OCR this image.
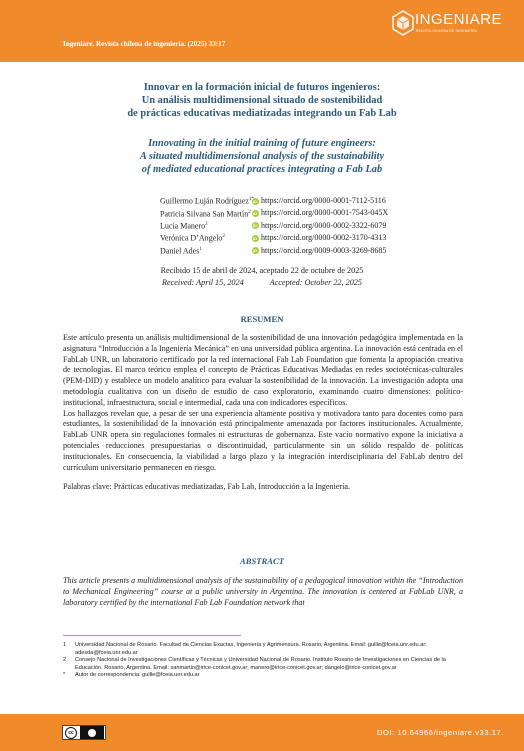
Ingeniare. Revista chilena de ingeniería. (2025) 33:17
INGENIARE
REVISTA CHILENA DE INGENIERÍA
Innovar en la formación inicial de futuros ingenieros:
Un análisis multidimensional situado de sostenibilidad
de prácticas educativas mediatizadas integrando un Fab Lab
Innovating in the initial training of future engineers:
A situated multidimensional analysis of the sustainability
of mediated educational practices integrating a Fab Lab
Guillermo Luján Rodríguez$^1$ iD https://orcid.org/0000-0001-7112-5116
Patricia Silvana San Martín$^2$ iD https://orcid.org/0000-0001-7543-045X
Lucía Manero$^2$ iD	https://orcid.org/0000-0002-3322-6079
Verónica D’Angelo$^2$ iD	https://orcid.org/0000-0002-3170-4313
Daniel Ades$^1$ iD	https://orcid.org/0009-0003-3269-8685
Recibido 15 de abril de 2024, aceptado 22 de octubre de 2025
Received: April 15, 2024	Accepted: October 22, 2025
RESUMEN

Este artículo presenta un análisis multidimensional de la sostenibilidad de una innovación pedagógica implementada en la asignatura “Introducción a la Ingeniería Mecánica” en una universidad pública argentina. La innovación está centrada en el FabLab UNR, un laboratorio certificado por la red internacional Fab Lab Foundation que fomenta la apropiación creativa de tecnologías. El marco teórico emplea el concepto de Prácticas Educativas Mediadas en redes sociotécnicas-culturales (PEM-DID) y establece un modelo analítico para evaluar la sostenibilidad de la innovación. La investigación adopta una metodología cualitativa con un diseño de estudio de caso exploratorio, examinando cuatro dimensiones: político-institucional, infraestructura, social e intermedial, cada una con indicadores específicos.

Los hallazgos revelan que, a pesar de ser una experiencia altamente positiva y motivadora tanto para docentes como para estudiantes, la sostenibilidad de la innovación está principalmente amenazada por factores institucionales. Actualmente, FabLab UNR opera sin regulaciones formales ni estructuras de gobernanza. Este vacío normativo expone la iniciativa a potenciales reducciones presupuestarias o discontinuidad, particularmente sin un sólido respaldo de políticas institucionales. En consecuencia, la viabilidad a largo plazo y la integración interdisciplinaria del FabLab dentro del currículum universitario permanecen en riesgo.

Palabras clave: Prácticas educativas mediatizadas, Fab Lab, Introducción a la Ingeniería.

ABSTRACT

This article presents a multidimensional analysis of the sustainability of a pedagogical innovation within the “Introduction to Mechanical Engineering” course at a public university in Argentina. The innovation is centered at FabLab UNR, a laboratory certified by the international Fab Lab Foundation network that

1	Universidad Nacional de Rosario. Facultad de Ciencias Exactas, Ingeniería y Agrimensura. Rosario, Argentina. Email: guille@fceia.unr.edu.ar; adesda@fceia.unr.edu.ar
2	Consejo Nacional de Investigaciones Científicas y Técnicas y Universidad Nacional de Rosario. Instituto Rosario de Investigaciones en Ciencias de la Educación. Rosario, Argentina. Email: sanmartin@irice-conicet.gov.ar; manero@irice-conicet.gov.ar; dangelo@irice-conicet.gov.ar
*	Autor de correspondencia: guille@fceia.unr.edu.ar
cc	DOI: 10.64966/ingeniare.v33.17.
